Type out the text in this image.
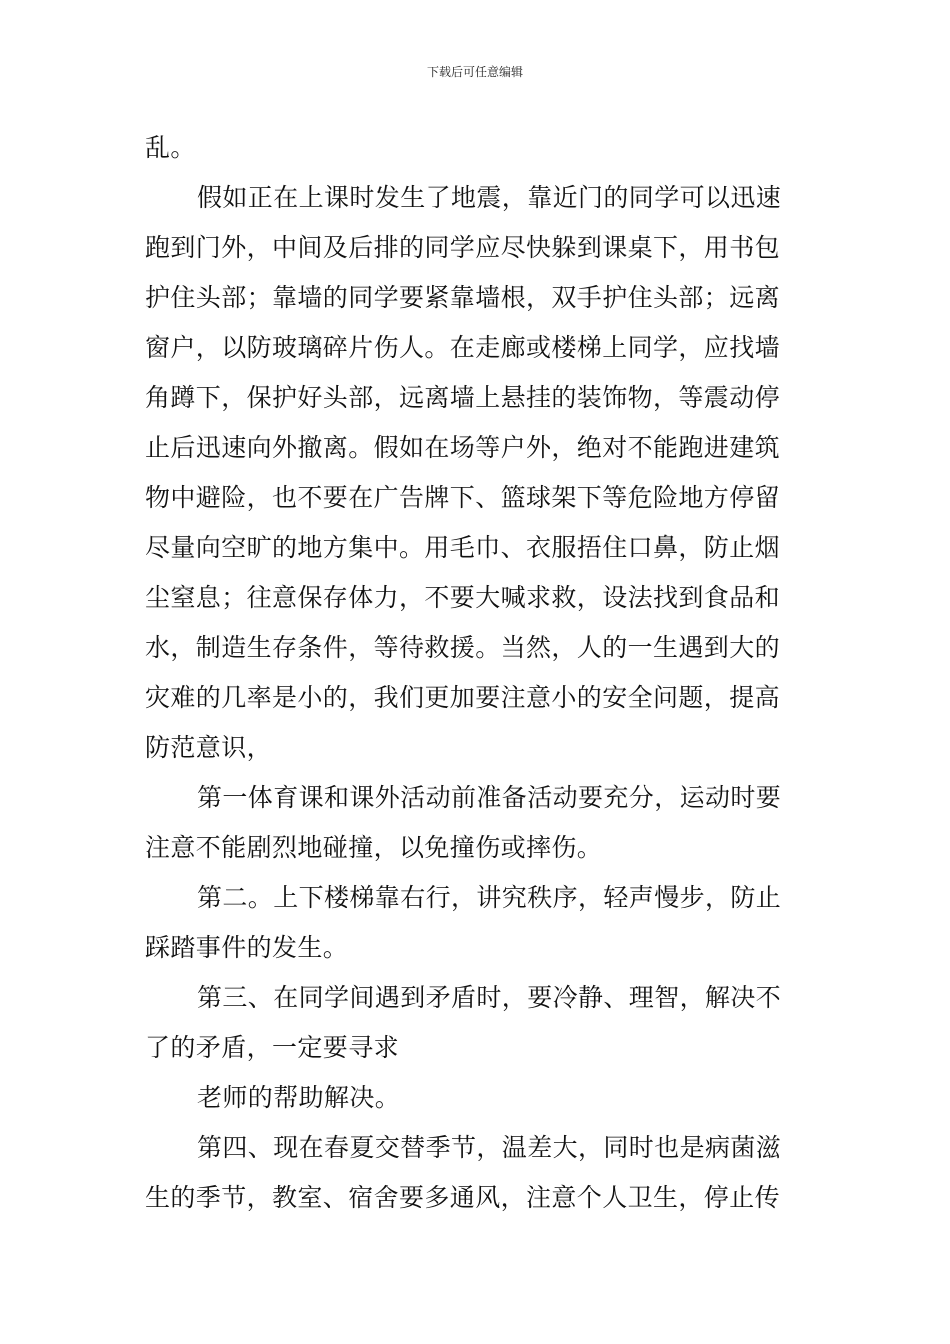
下载后可任意编辑
乱。
假如正在上课时发生了地震，靠近门的同学可以迅速
跑到门外，中间及后排的同学应尽快躲到课桌下，用书包
护住头部；靠墙的同学要紧靠墙根，双手护住头部；远离
窗户，以防玻璃碎片伤人。在走廊或楼梯上同学，应找墙
角蹲下，保护好头部，远离墙上悬挂的装饰物，等震动停
止后迅速向外撤离。假如在场等户外，绝对不能跑进建筑
物中避险，也不要在广告牌下、篮球架下等危险地方停留
尽量向空旷的地方集中。用毛巾、衣服捂住口鼻，防止烟
尘窒息；往意保存体力，不要大喊求救，设法找到食品和
水，制造生存条件，等待救援。当然，人的一生遇到大的
灾难的几率是小的，我们更加要注意小的安全问题，提高
防范意识，
第一体育课和课外活动前准备活动要充分，运动时要
注意不能剧烈地碰撞，以免撞伤或摔伤。
第二。上下楼梯靠右行，讲究秩序，轻声慢步，防止
踩踏事件的发生。
第三、在同学间遇到矛盾时，要冷静、理智，解决不
了的矛盾，一定要寻求
老师的帮助解决。
第四、现在春夏交替季节，温差大，同时也是病菌滋
生的季节，教室、宿舍要多通风，注意个人卫生，停止传
